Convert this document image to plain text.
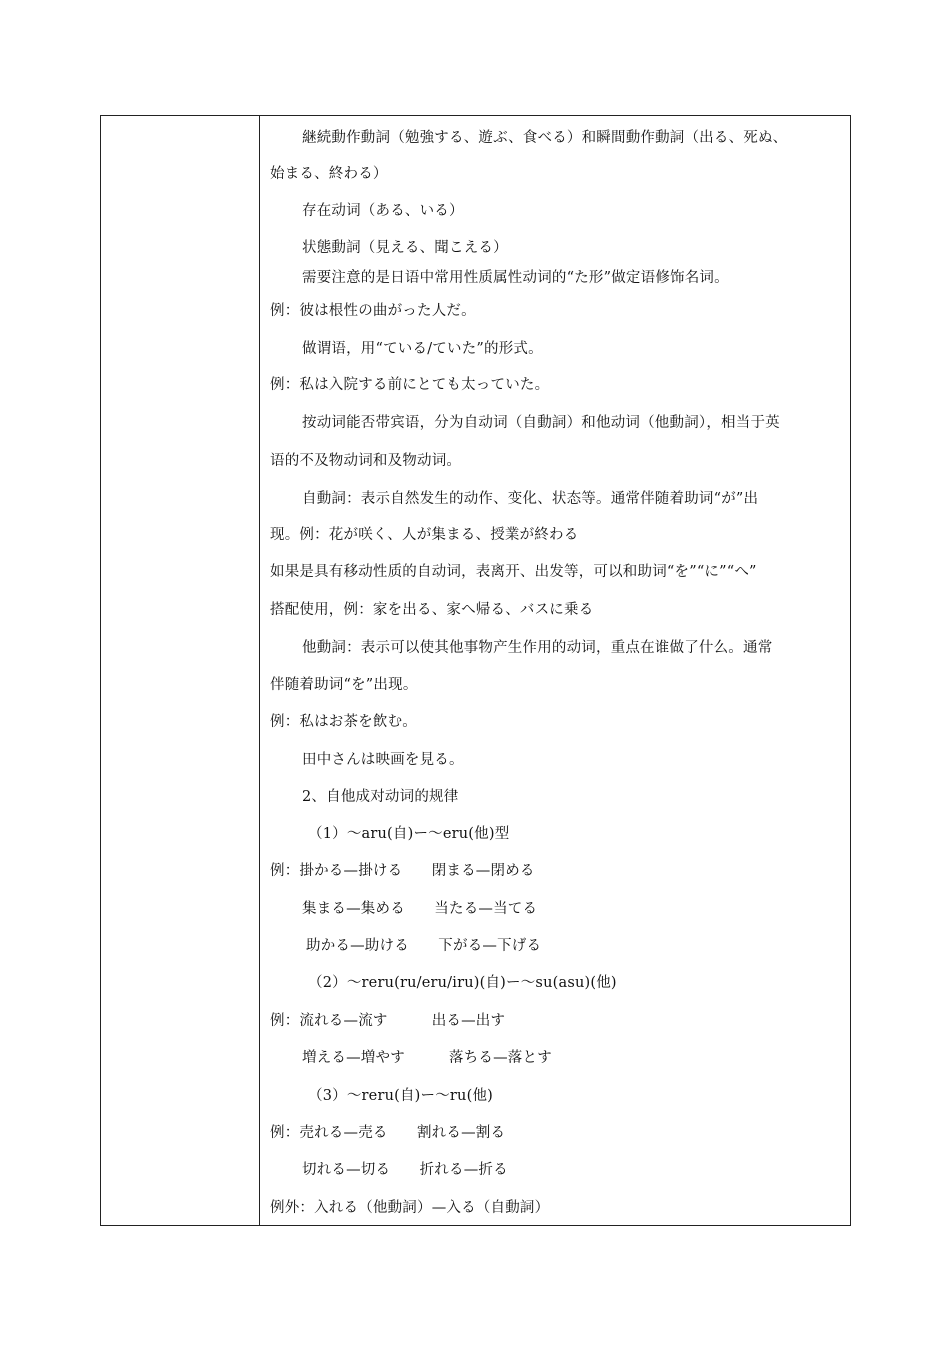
継続動作動詞（勉強する、遊ぶ、食べる）和瞬間動作動詞（出る、死ぬ、
始まる、終わる）
存在动词（ある、いる）
状態動詞（見える、聞こえる）
需要注意的是日语中常用性质属性动词的“た形”做定语修饰名词。
例：彼は根性の曲がった人だ。
做谓语，用“ている/ていた”的形式。
例：私は入院する前にとても太っていた。
按动词能否带宾语，分为自动词（自動詞）和他动词（他動詞），相当于英
语的不及物动词和及物动词。
自動詞：表示自然发生的动作、变化、状态等。通常伴随着助词“が”出
现。例：花が咲く、人が集まる、授業が終わる
如果是具有移动性质的自动词，表离开、出发等，可以和助词“を”“に”“へ”
搭配使用，例：家を出る、家へ帰る、バスに乗る
他動詞：表示可以使其他事物产生作用的动词，重点在谁做了什么。通常
伴随着助词“を”出现。
例：私はお茶を飲む。
田中さんは映画を見る。
2、自他成对动词的规律
（1）～aru(自)ー～eru(他)型
例：掛かる—掛ける　　閉まる—閉める
集まる—集める　　当たる—当てる
助かる—助ける　　下がる—下げる
（2）～reru(ru/eru/iru)(自)ー～su(asu)(他)
例：流れる—流す　　　出る—出す
増える—増やす　　　落ちる—落とす
（3）～reru(自)ー～ru(他)
例：売れる—売る　　割れる—割る
切れる—切る　　折れる—折る
例外：入れる（他動詞）—入る（自動詞）
